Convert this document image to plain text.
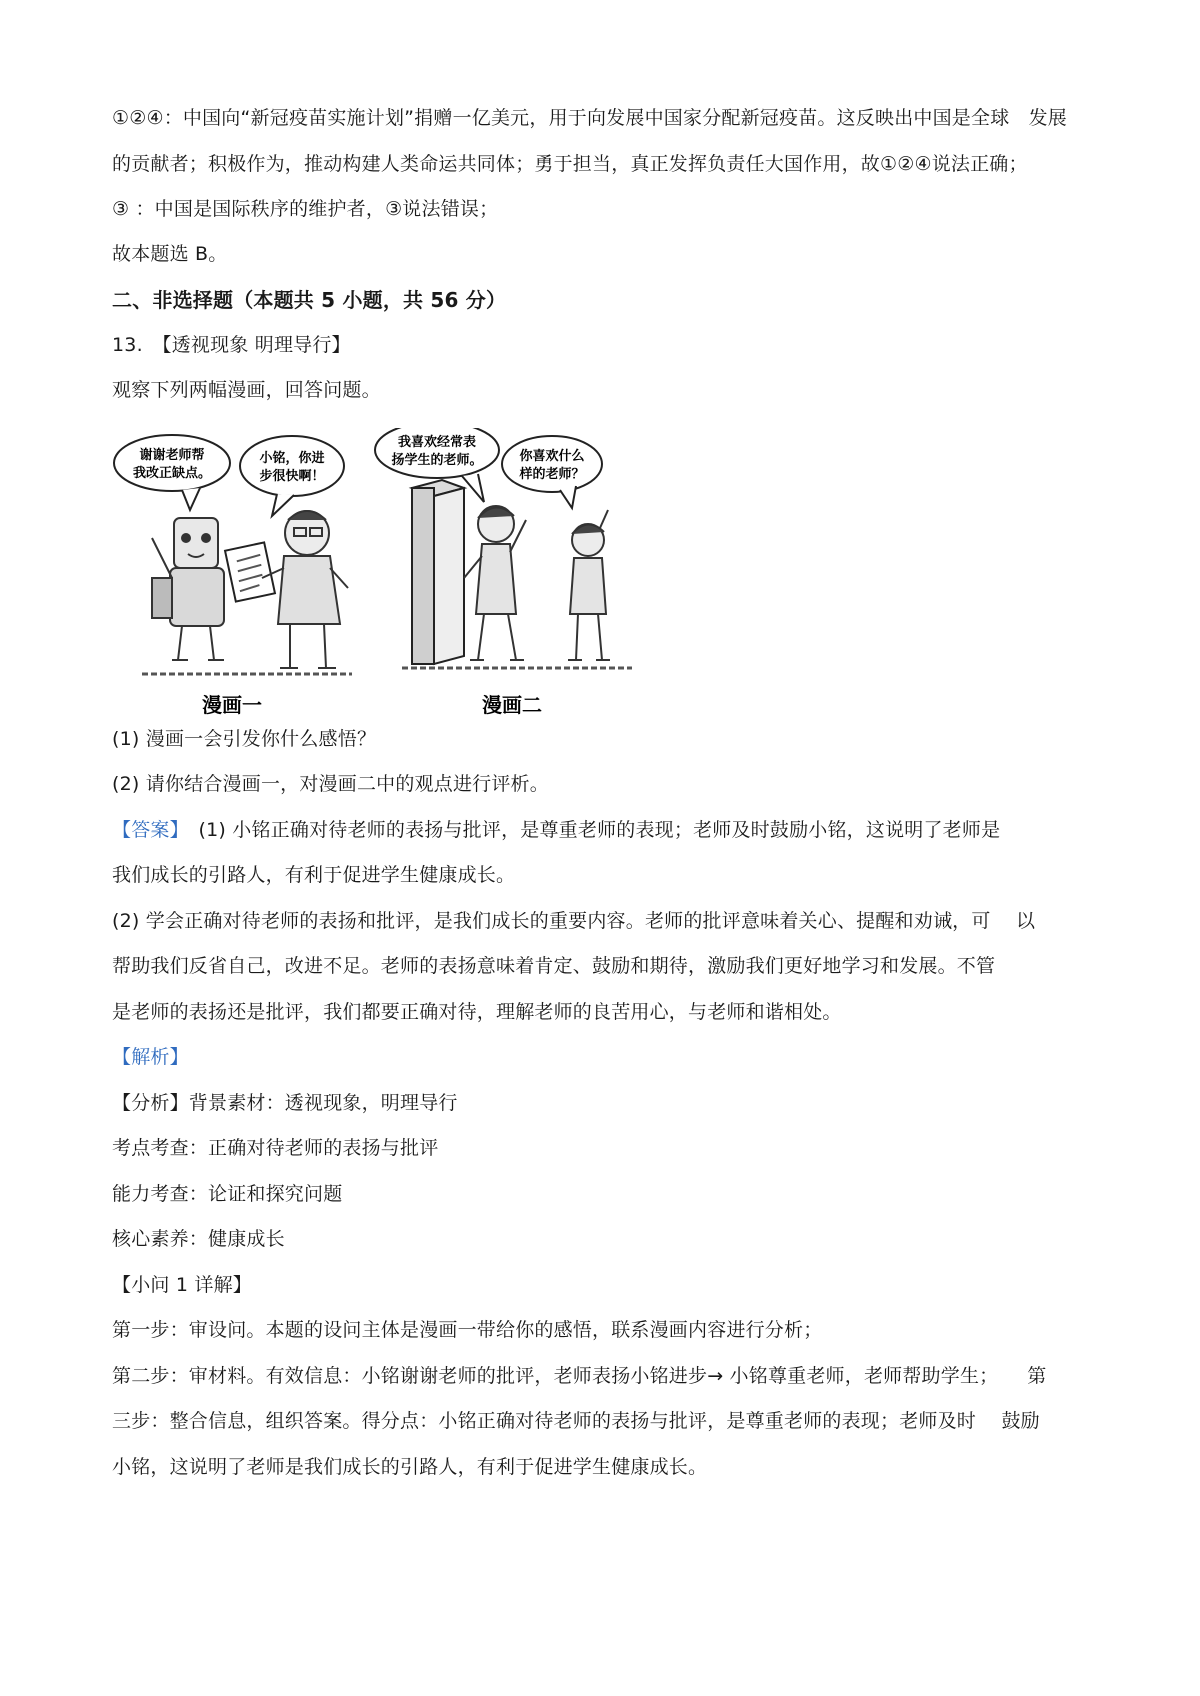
①②④：中国向“新冠疫苗实施计划”捐赠一亿美元，用于向发展中国家分配新冠疫苗。这反映出中国是全球　发展
的贡献者；积极作为，推动构建人类命运共同体；勇于担当，真正发挥负责任大国作用，故①②④说法正确；
③ ：中国是国际秩序的维护者，③说法错误；
故本题选 B。
二、非选择题（本题共 5 小题，共 56 分）
13.　【透视现象 明理导行】
观察下列两幅漫画，回答问题。
谢谢老师帮
我改正缺点。
小铭，你进
步很快啊！
漫画一
我喜欢经常表
扬学生的老师。	你喜欢什么
样的老师？
漫画二
(1) 漫画一会引发你什么感悟？
(2) 请你结合漫画一，对漫画二中的观点进行评析。
【答案】　(1) 小铭正确对待老师的表扬与批评，是尊重老师的表现；老师及时鼓励小铭，这说明了老师是
我们成长的引路人，有利于促进学生健康成长。
(2) 学会正确对待老师的表扬和批评，是我们成长的重要内容。老师的批评意味着关心、提醒和劝诫，可　 以
帮助我们反省自己，改进不足。老师的表扬意味着肯定、鼓励和期待，激励我们更好地学习和发展。不管
是老师的表扬还是批评，我们都要正确对待，理解老师的良苦用心，与老师和谐相处。
【解析】
【分析】背景素材：透视现象，明理导行
考点考查：正确对待老师的表扬与批评
能力考查：论证和探究问题
核心素养：健康成长
【小问 1 详解】
第一步：审设问。本题的设问主体是漫画一带给你的感悟，联系漫画内容进行分析；
第二步：审材料。有效信息：小铭谢谢老师的批评，老师表扬小铭进步→ 小铭尊重老师，老师帮助学生；　　第
三步：整合信息，组织答案。得分点：小铭正确对待老师的表扬与批评，是尊重老师的表现；老师及时　 鼓励
小铭，这说明了老师是我们成长的引路人，有利于促进学生健康成长。
